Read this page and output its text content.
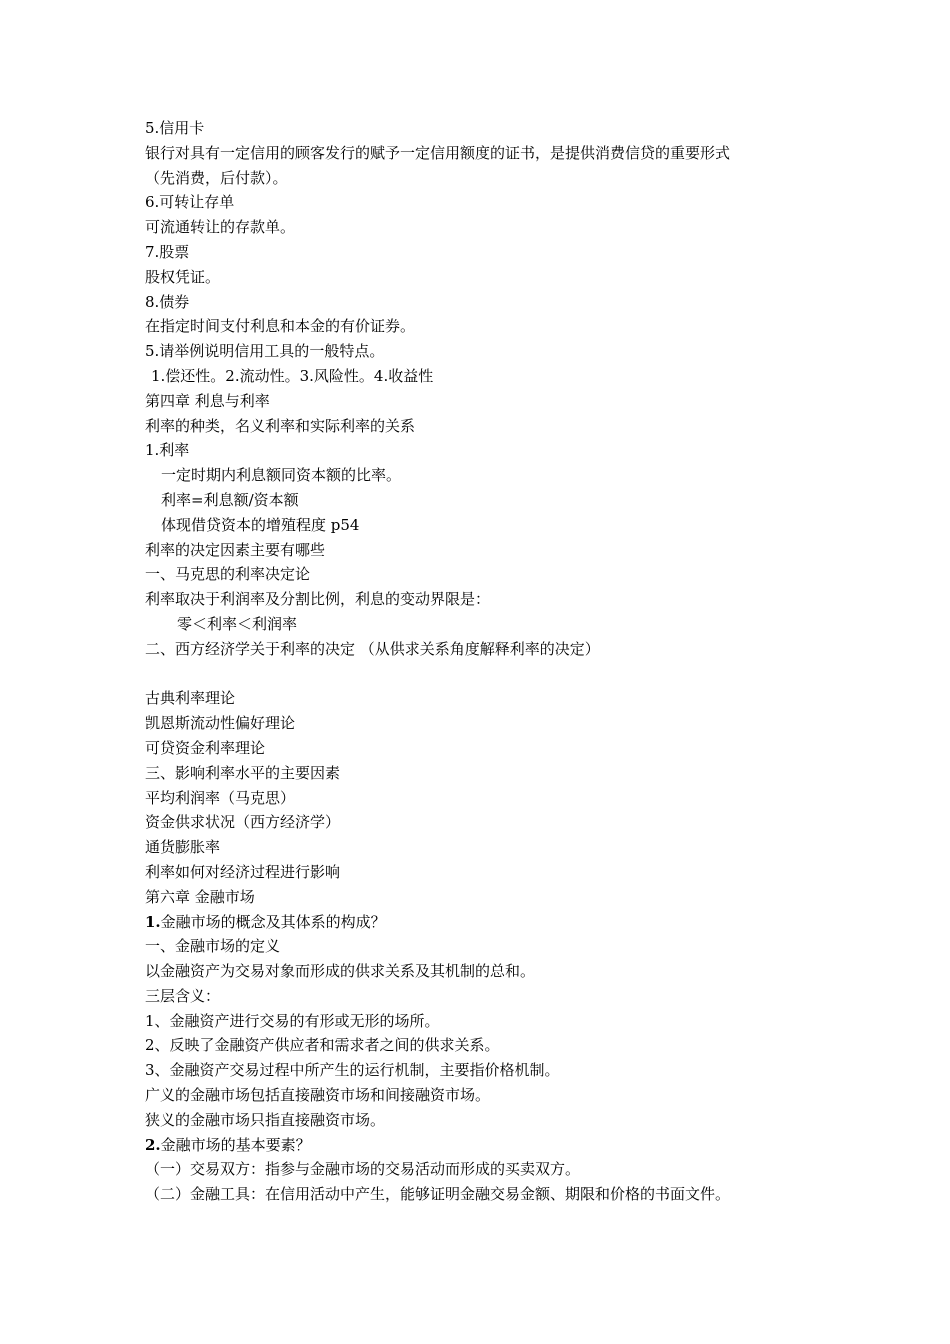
5.信用卡
银行对具有一定信用的顾客发行的赋予一定信用额度的证书，是提供消费信贷的重要形式
（先消费，后付款）。
6.可转让存单
可流通转让的存款单。
7.股票
股权凭证。
8.债券
在指定时间支付利息和本金的有价证券。
5.请举例说明信用工具的一般特点。
1.偿还性。2.流动性。3.风险性。4.收益性
第四章 利息与利率
利率的种类，名义利率和实际利率的关系
1.利率
一定时期内利息额同资本额的比率。
利率=利息额/资本额
体现借贷资本的增殖程度 p54
利率的决定因素主要有哪些
一、马克思的利率决定论
利率取决于利润率及分割比例，利息的变动界限是：
零＜利率＜利润率
二、西方经济学关于利率的决定 （从供求关系角度解释利率的决定）
古典利率理论
凯恩斯流动性偏好理论
可贷资金利率理论
三、影响利率水平的主要因素
平均利润率（马克思）
资金供求状况（西方经济学）
通货膨胀率
利率如何对经济过程进行影响
第六章 金融市场
1.金融市场的概念及其体系的构成？
一、金融市场的定义
以金融资产为交易对象而形成的供求关系及其机制的总和。
三层含义：
1、金融资产进行交易的有形或无形的场所。
2、反映了金融资产供应者和需求者之间的供求关系。
3、金融资产交易过程中所产生的运行机制，主要指价格机制。
广义的金融市场包括直接融资市场和间接融资市场。
狭义的金融市场只指直接融资市场。
2.金融市场的基本要素？
（一）交易双方：指参与金融市场的交易活动而形成的买卖双方。
（二）金融工具：在信用活动中产生，能够证明金融交易金额、期限和价格的书面文件。
